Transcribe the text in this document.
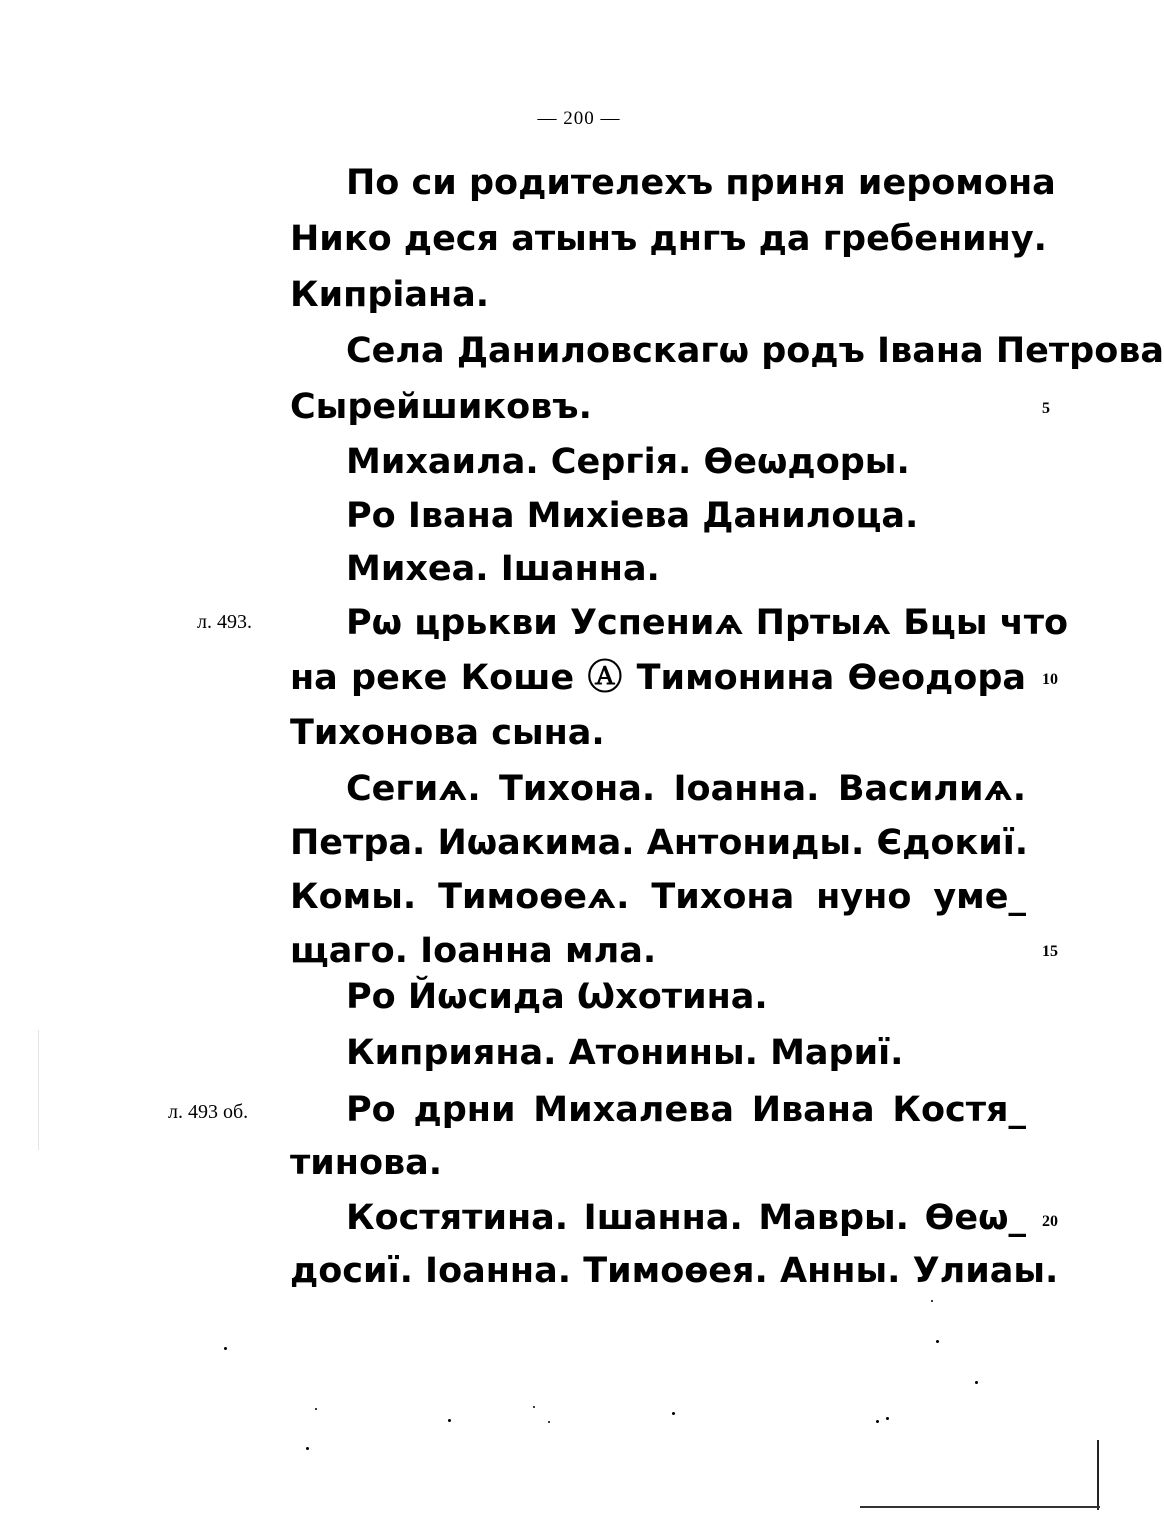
— 200 —
По си родителехъ приня иеромона
Нико деся атынъ днгъ да гребенину.
Кипріана.
Села Даниловскагѡ родъ Івана Петрова
Сырейшиковъ.
Михаила. Сергія. Ѳеѡдоры.
Ро Івана Михіева Данилоца.
Михеа. Ішанна.
Рѡ црькви Успениѧ Пртыѧ Бцы что
на реке Коше Ⓐ Тимонина Ѳеодора
Тихонова сына.
Сегиѧ. Тихона. Іоанна. Василиѧ.
Петра. Иѡакима. Антониды. Єдокиї.
Комы. Тимоѳеѧ. Тихона нуно уме_
щаго. Іоанна мла.
Ро Йѡсида Ѡхотина.
Киприяна. Атонины. Мариї.
Ро дрни Михалева Ивана Костя_
тинова.
Костятина. Ішанна. Мавры. Ѳеѡ_
досиї. Іоанна. Тимоѳея. Анны. Улиаы.
5
10
15
20
л. 493.
л. 493 об.
